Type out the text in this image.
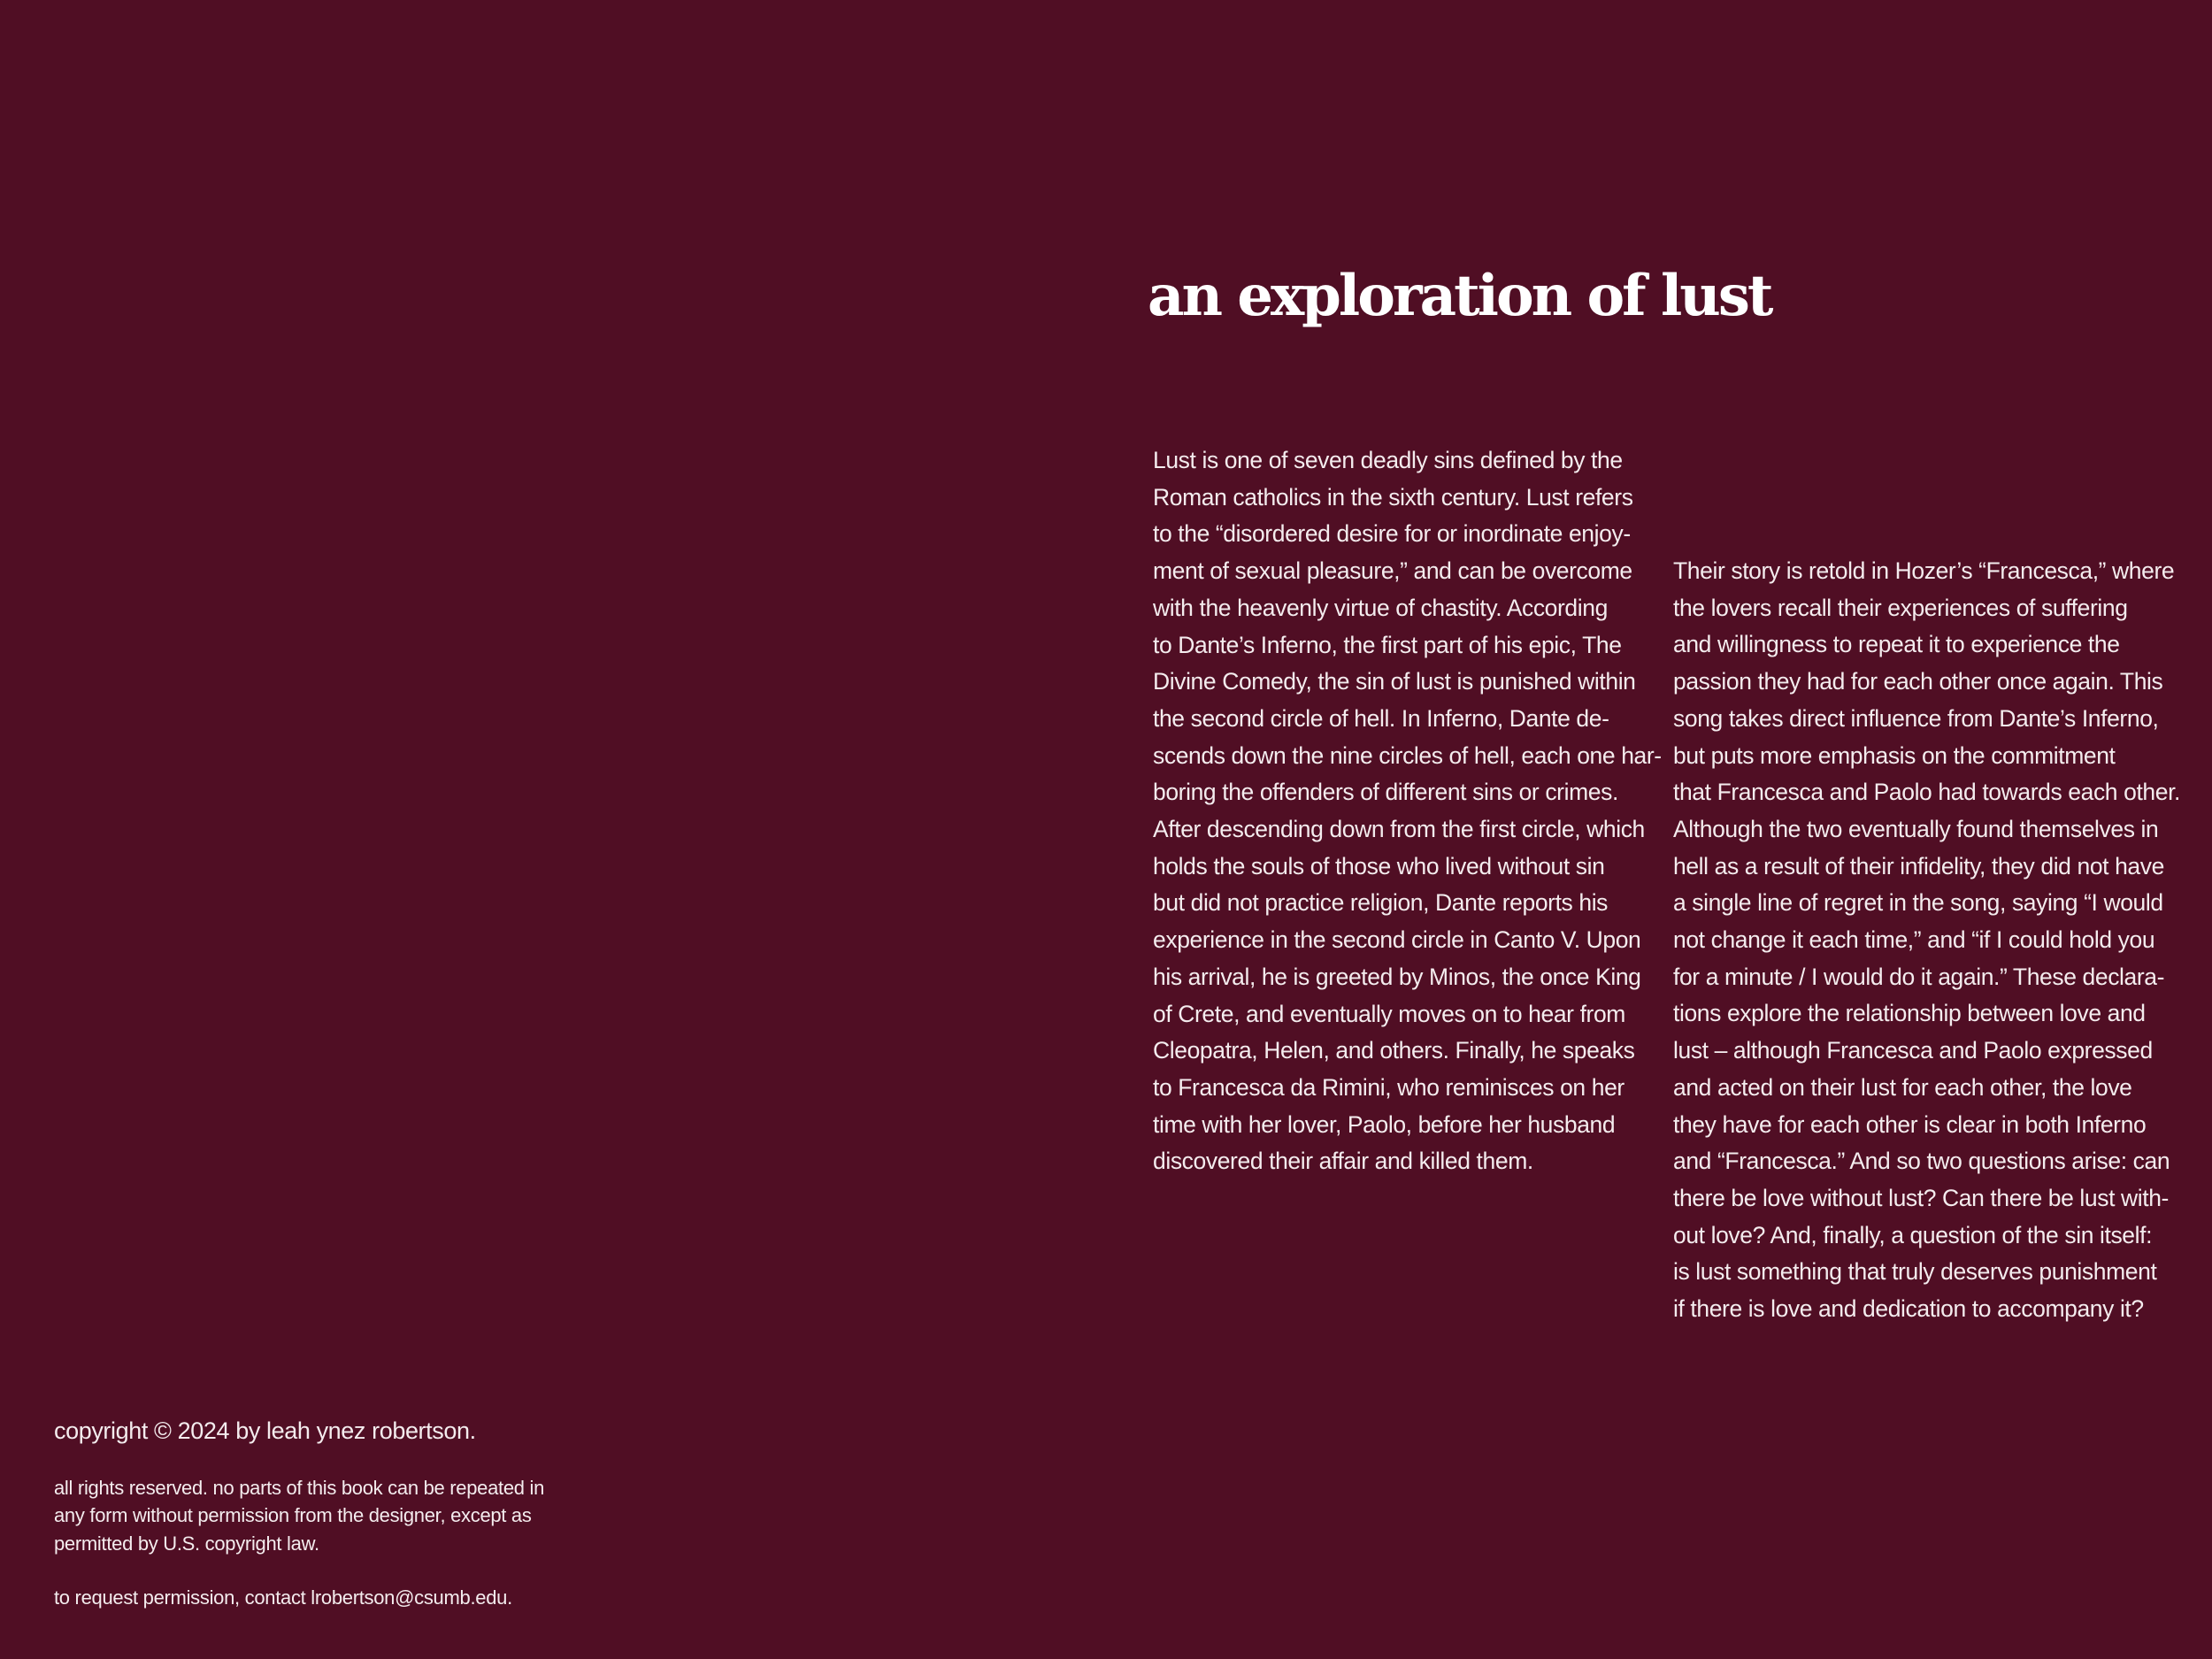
an exploration of lust
Lust is one of seven deadly sins defined by the
Roman catholics in the sixth century. Lust refers
to the “disordered desire for or inordinate enjoy-
ment of sexual pleasure,” and can be overcome
with the heavenly virtue of chastity. According
to Dante’s Inferno, the first part of his epic, The
Divine Comedy, the sin of lust is punished within
the second circle of hell. In Inferno, Dante de-
scends down the nine circles of hell, each one har-
boring the offenders of different sins or crimes.
After descending down from the first circle, which
holds the souls of those who lived without sin
but did not practice religion, Dante reports his
experience in the second circle in Canto V. Upon
his arrival, he is greeted by Minos, the once King
of Crete, and eventually moves on to hear from
Cleopatra, Helen, and others. Finally, he speaks
to Francesca da Rimini, who reminisces on her
time with her lover, Paolo, before her husband
discovered their affair and killed them.
Their story is retold in Hozer’s “Francesca,” where
the lovers recall their experiences of suffering
and willingness to repeat it to experience the
passion they had for each other once again. This
song takes direct influence from Dante’s Inferno,
but puts more emphasis on the commitment
that Francesca and Paolo had towards each other.
Although the two eventually found themselves in
hell as a result of their infidelity, they did not have
a single line of regret in the song, saying “I would
not change it each time,” and “if I could hold you
for a minute / I would do it again.” These declara-
tions explore the relationship between love and
lust – although Francesca and Paolo expressed
and acted on their lust for each other, the love
they have for each other is clear in both Inferno
and “Francesca.” And so two questions arise: can
there be love without lust? Can there be lust with-
out love? And, finally, a question of the sin itself:
is lust something that truly deserves punishment
if there is love and dedication to accompany it?

copyright © 2024 by leah ynez robertson.

all rights reserved. no parts of this book can be repeated in
any form without permission from the designer, except as
permitted by U.S. copyright law.

to request permission, contact lrobertson@csumb.edu.
